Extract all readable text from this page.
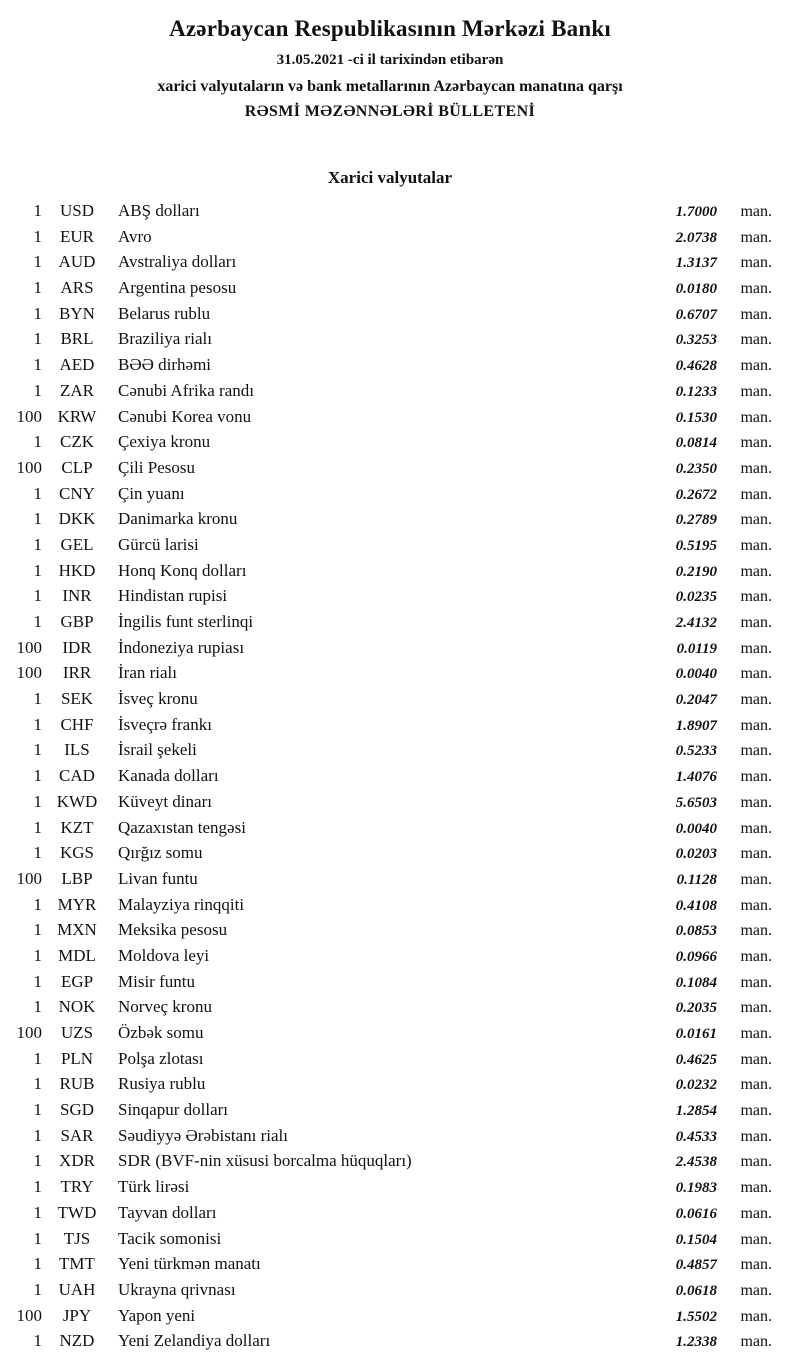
Azərbaycan Respublikasının Mərkəzi Bankı
31.05.2021 -ci il tarixindən etibarən
xarici valyutaların və bank metallarının Azərbaycan manatına qarşı
RƏSMİ MƏZƏNNƏLƏRİ BÜLLETENİ
Xarici valyutalar
1	USD	ABŞ dolları	1.7000	man.
1	EUR	Avro	2.0738	man.
1 AUD	Avstraliya dolları	1.3137	man.
1	ARS	Argentina pesosu	0.0180	man.
1	BYN	Belarus rublu	0.6707	man.
1	BRL	Braziliya rialı	0.3253	man.
1	AED	BƏƏ dirhəmi	0.4628	man.
1	ZAR	Cənubi Afrika randı	0.1233	man.
100 KRW	Cənubi Korea vonu	0.1530	man.
1	CZK	Çexiya kronu	0.0814	man.
100	CLP	Çili Pesosu	0.2350	man.
1	CNY	Çin yuanı	0.2672	man.
1 DKK	Danimarka kronu	0.2789	man.
1	GEL	Gürcü larisi	0.5195	man.
1 HKD	Honq Konq dolları	0.2190	man.
1	INR	Hindistan rupisi	0.0235	man.
1	GBP	İngilis funt sterlinqi	2.4132	man.
100	IDR	İndoneziya rupiası	0.0119	man.
100	IRR	İran rialı	0.0040	man.
1	SEK	İsveç kronu	0.2047	man.
1	CHF	İsveçrə frankı	1.8907	man.
1	ILS	İsrail şekeli	0.5233	man.
1	CAD	Kanada dolları	1.4076	man.
1 KWD	Küveyt dinarı	5.6503	man.
1	KZT	Qazaxıstan tengəsi	0.0040	man.
1	KGS	Qırğız somu	0.0203	man.
100	LBP	Livan funtu	0.1128	man.
1 MYR	Malayziya rinqqiti	0.4108	man.
1 MXN	Meksika pesosu	0.0853	man.
1 MDL	Moldova leyi	0.0966	man.
1	EGP	Misir funtu	0.1084	man.
1 NOK	Norveç kronu	0.2035	man.
100	UZS	Özbək somu	0.0161	man.
1	PLN	Polşa zlotası	0.4625	man.
1	RUB	Rusiya rublu	0.0232	man.
1	SGD	Sinqapur dolları	1.2854	man.
1	SAR	Səudiyyə Ərəbistanı rialı	0.4533	man.
1	XDR	SDR (BVF-nin xüsusi borcalma hüquqları)	2.4538	man.
1	TRY	Türk lirəsi	0.1983	man.
1 TWD	Tayvan dolları	0.0616	man.
1	TJS	Tacik somonisi	0.1504	man.
1	TMT	Yeni türkmən manatı	0.4857	man.
1 UAH	Ukrayna qrivnası	0.0618	man.
100	JPY	Yapon yeni	1.5502	man.
1	NZD	Yeni Zelandiya dolları	1.2338	man.
